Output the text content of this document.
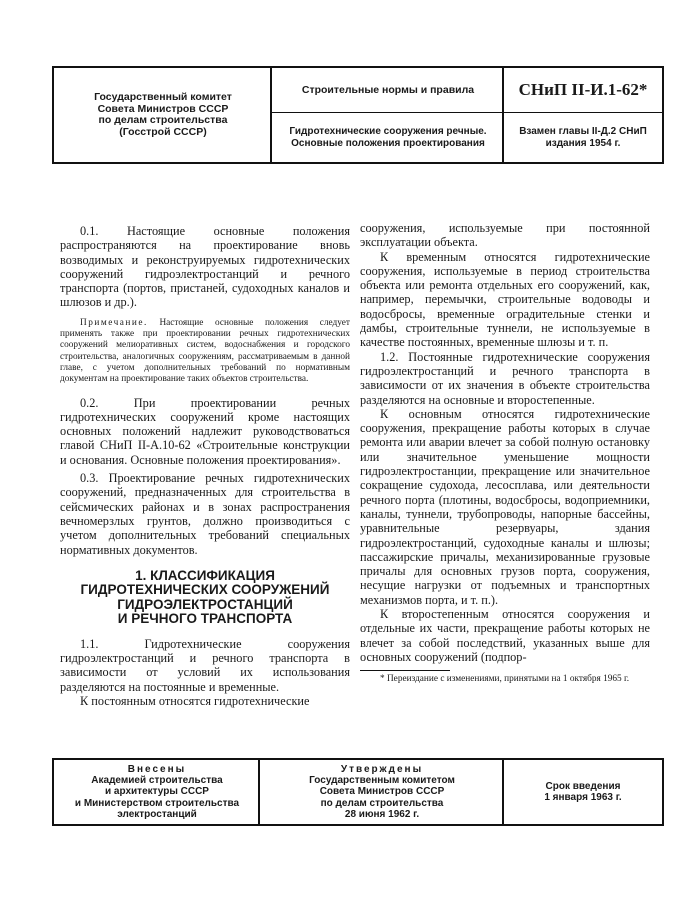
Государственный комитет
Совета Министров СССР
по делам строительства
(Госстрой СССР)
Строительные нормы и правила	СНиП II-И.1-62*
Гидротехнические сооружения речные.
Основные положения проектирования
Взамен главы II-Д.2 СНиП
издания 1954 г.

0.1. Настоящие основные положения распространяются на проектирование вновь возводимых и реконструируемых гидротехнических сооружений гидроэлектростанций и речного транспорта (портов, пристаней, судоходных каналов и шлюзов и др.).

Примечание. Настоящие основные положения следует применять также при проектировании речных гидротехнических сооружений мелиоративных систем, водоснабжения и городского строительства, аналогичных сооружениям, рассматриваемым в данной главе, с учетом дополнительных требований по нормативным документам на проектирование таких объектов строительства.

0.2. При проектировании речных гидротехнических сооружений кроме настоящих основных положений надлежит руководствоваться главой СНиП II-А.10-62 «Строительные конструкции и основания. Основные положения проектирования».

0.3. Проектирование речных гидротехнических сооружений, предназначенных для строительства в сейсмических районах и в зонах распространения вечномерзлых грунтов, должно производиться с учетом дополнительных требований специальных нормативных документов.

1. КЛАССИФИКАЦИЯ
ГИДРОТЕХНИЧЕСКИХ СООРУЖЕНИЙ
ГИДРОЭЛЕКТРОСТАНЦИЙ
И РЕЧНОГО ТРАНСПОРТА

1.1. Гидротехнические сооружения гидроэлектростанций и речного транспорта в зависимости от условий их использования разделяются на постоянные и временные.

К постоянным относятся гидротехнические

сооружения, используемые при постоянной эксплуатации объекта.

К временным относятся гидротехнические сооружения, используемые в период строительства объекта или ремонта отдельных его сооружений, как, например, перемычки, строительные водоводы и водосбросы, временные оградительные стенки и дамбы, строительные туннели, не используемые в качестве постоянных, временные шлюзы и т. п.

1.2. Постоянные гидротехнические сооружения гидроэлектростанций и речного транспорта в зависимости от их значения в объекте строительства разделяются на основные и второстепенные.

К основным относятся гидротехнические сооружения, прекращение работы которых в случае ремонта или аварии влечет за собой полную остановку или значительное уменьшение мощности гидроэлектростанции, прекращение или значительное сокращение судохода, лесосплава, или деятельности речного порта (плотины, водосбросы, водоприемники, каналы, туннели, трубопроводы, напорные бассейны, уравнительные резервуары, здания гидроэлектростанций, судоходные каналы и шлюзы; пассажирские причалы, механизированные грузовые причалы для основных грузов порта, сооружения, несущие нагрузки от подъемных и транспортных механизмов порта, и т. п.).

К второстепенным относятся сооружения и отдельные их части, прекращение работы которых не влечет за собой последствий, указанных выше для основных сооружений (подпор-

* Переиздание с изменениями, принятыми на 1 октября 1965 г.

Внесены
Академией строительства
и архитектуры СССР
и Министерством строительства
электростанций
Утверждены
Государственным комитетом
Совета Министров СССР
по делам строительства
28 июня 1962 г.
Срок введения
1 января 1963 г.
